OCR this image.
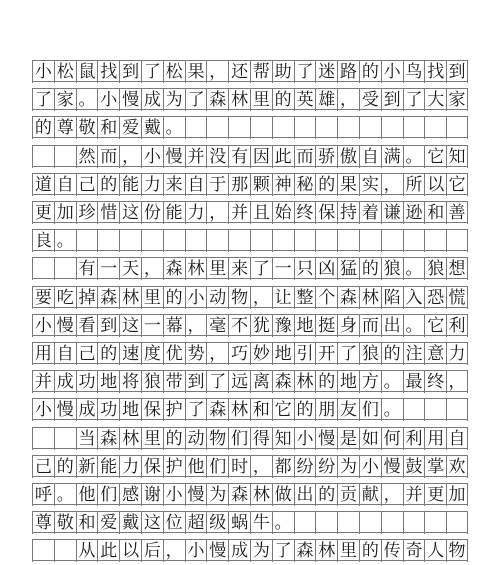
小 松 鼠 找 到 了 松 果 ， 还 帮 助 了 迷 路 的 小 鸟 找 到
了 家 。 小 慢 成 为 了 森 林 里 的 英 雄 ， 受 到 了 大 家
的 尊 敬 和 爱 戴 。
然 而 ， 小 慢 并 没 有 因 此 而 骄 傲 自 满 。 它 知
道 自 己 的 能 力 来 自 于 那 颗 神 秘 的 果 实 ， 所 以 它
更 加 珍 惜 这 份 能 力 ， 并 且 始 终 保 持 着 谦 逊 和 善
良 。
有 一 天 ， 森 林 里 来 了 一 只 凶 猛 的 狼 。 狼 想
要 吃 掉 森 林 里 的 小 动 物 ， 让 整 个 森 林 陷 入 恐 慌
小 慢 看 到 这 一 幕 ， 毫 不 犹 豫 地 挺 身 而 出 。 它 利
用 自 己 的 速 度 优 势 ， 巧 妙 地 引 开 了 狼 的 注 意 力
并 成 功 地 将 狼 带 到 了 远 离 森 林 的 地 方 。 最 终 ，
小 慢 成 功 地 保 护 了 森 林 和 它 的 朋 友 们 。
当 森 林 里 的 动 物 们 得 知 小 慢 是 如 何 利 用 自
己 的 新 能 力 保 护 他 们 时 ， 都 纷 纷 为 小 慢 鼓 掌 欢
呼 。 他 们 感 谢 小 慢 为 森 林 做 出 的 贡 献 ， 并 更 加
尊 敬 和 爱 戴 这 位 超 级 蜗 牛 。
从 此 以 后 ， 小 慢 成 为 了 森 林 里 的 传 奇 人 物
